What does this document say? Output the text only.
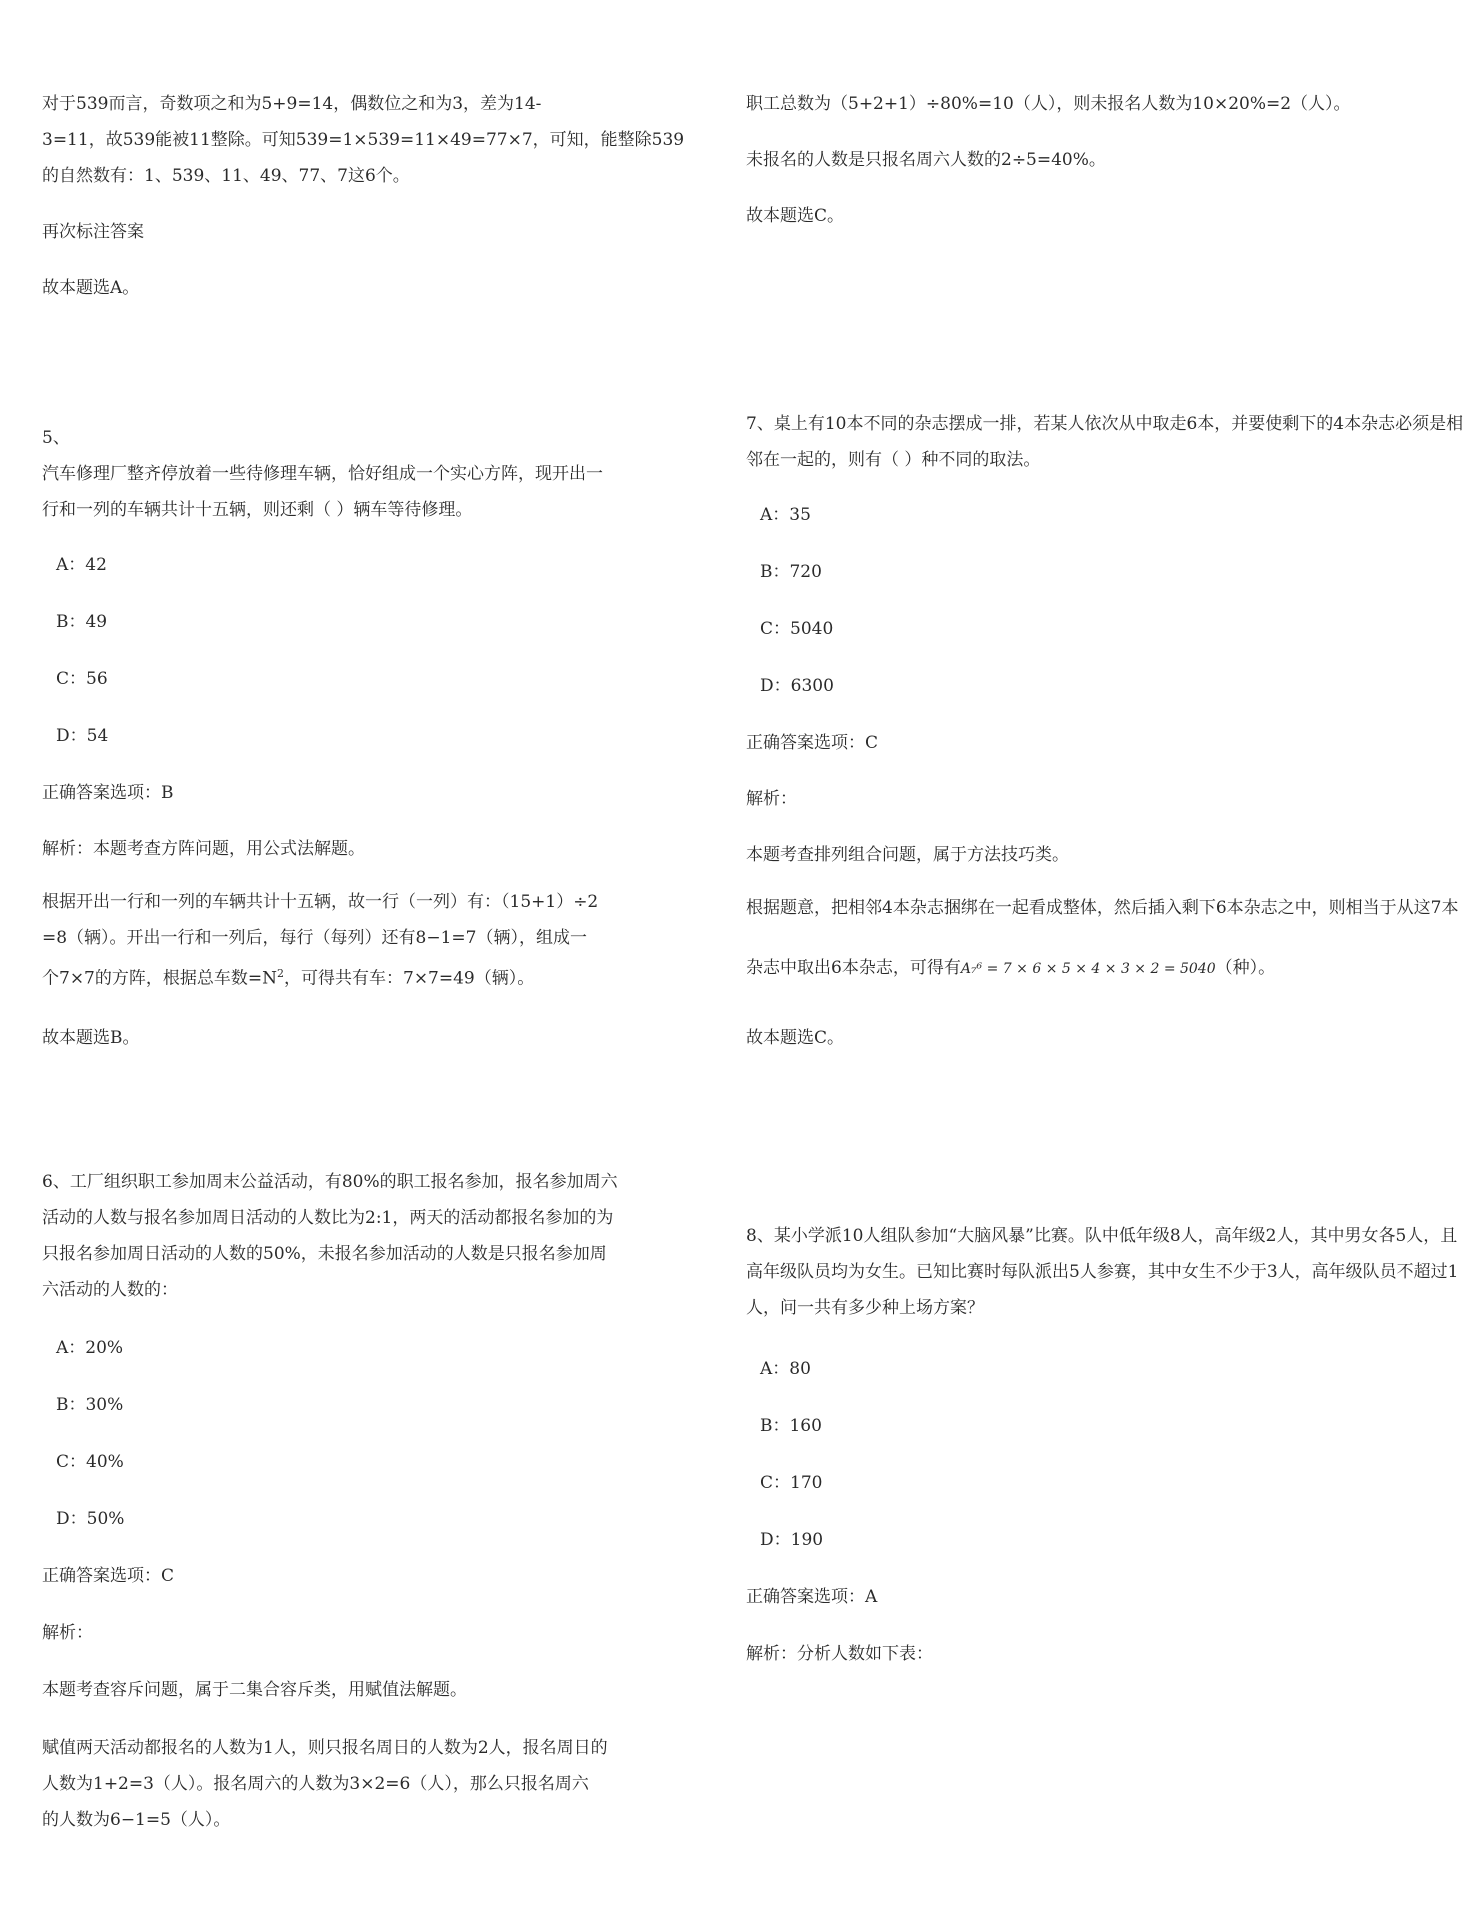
对于539而言，奇数项之和为5+9=14，偶数位之和为3，差为14-

3=11，故539能被11整除。可知539=1×539=11×49=77×7，可知，能整除539

的自然数有：1、539、11、49、77、7这6个。

再次标注答案

故本题选A。

5、

汽车修理厂整齐停放着一些待修理车辆，恰好组成一个实心方阵，现开出一

行和一列的车辆共计十五辆，则还剩（ ）辆车等待修理。

A：42

B：49

C：56

D：54

正确答案选项：B

解析：本题考查方阵问题，用公式法解题。

根据开出一行和一列的车辆共计十五辆，故一行（一列）有：（15+1）÷2

=8（辆）。开出一行和一列后，每行（每列）还有8−1=7（辆），组成一

个7×7的方阵，根据总车数$=N^2$，可得共有车：7×7=49（辆）。

故本题选B。

6、工厂组织职工参加周末公益活动，有80%的职工报名参加，报名参加周六

活动的人数与报名参加周日活动的人数比为2:1，两天的活动都报名参加的为

只报名参加周日活动的人数的50%，未报名参加活动的人数是只报名参加周

六活动的人数的：

A：20%

B：30%

C：40%

D：50%

正确答案选项：C

解析：

本题考查容斥问题，属于二集合容斥类，用赋值法解题。

赋值两天活动都报名的人数为1人，则只报名周日的人数为2人，报名周日的

人数为1+2=3（人）。报名周六的人数为3×2=6（人），那么只报名周六

的人数为6−1=5（人）。

职工总数为（5+2+1）÷80%=10（人），则未报名人数为10×20%=2（人）。

未报名的人数是只报名周六人数的2÷5=40%。

故本题选C。

7、桌上有10本不同的杂志摆成一排，若某人依次从中取走6本，并要使剩下的4本杂志必须是相

邻在一起的，则有（ ）种不同的取法。

A：35

B：720

C：5040

D：6300

正确答案选项：C

解析：

本题考查排列组合问题，属于方法技巧类。

根据题意，把相邻4本杂志捆绑在一起看成整体，然后插入剩下6本杂志之中，则相当于从这7本

杂志中取出6本杂志，可得有A₇⁶ = 7 × 6 × 5 × 4 × 3 × 2 = 5040（种）。

故本题选C。

8、某小学派10人组队参加“大脑风暴”比赛。队中低年级8人，高年级2人，其中男女各5人，且

高年级队员均为女生。已知比赛时每队派出5人参赛，其中女生不少于3人，高年级队员不超过1

人，问一共有多少种上场方案？

A：80

B：160

C：170

D：190

正确答案选项：A

解析：分析人数如下表：
